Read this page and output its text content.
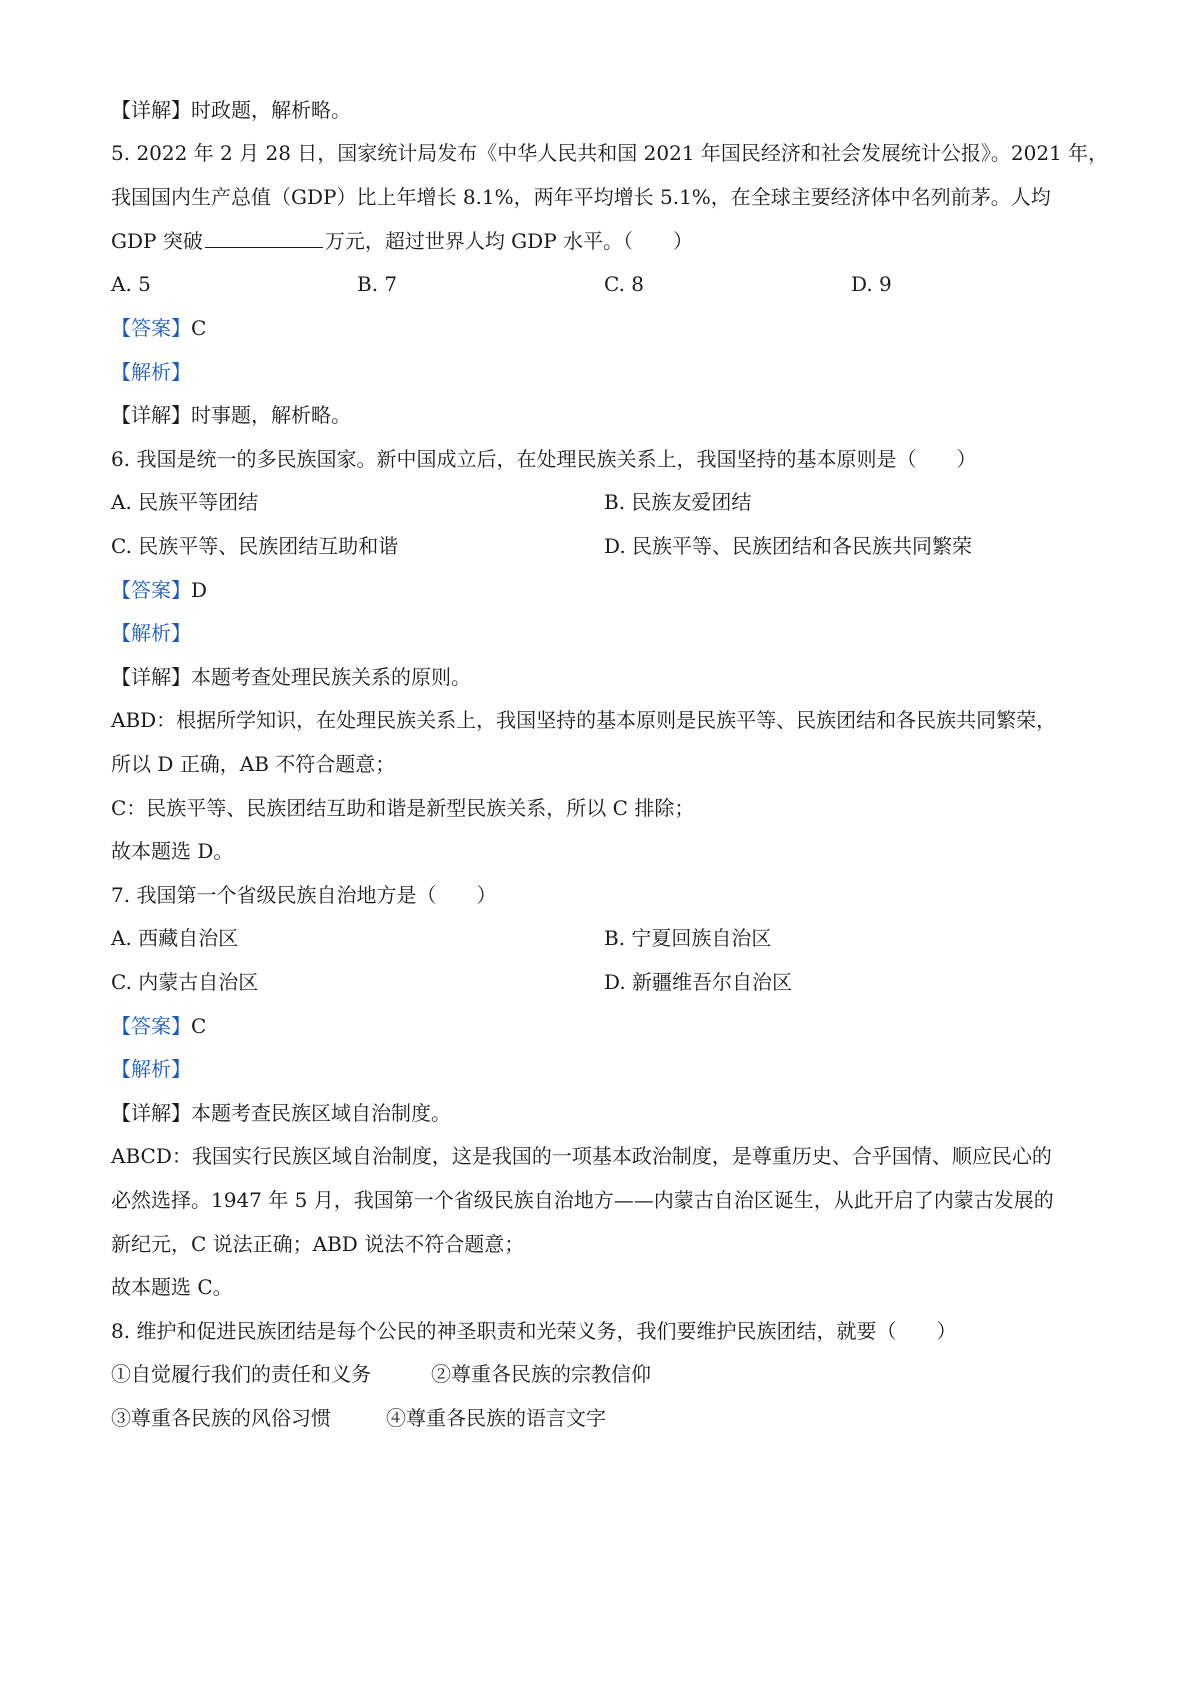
【详解】时政题，解析略。
5. 2022 年 2 月 28 日，国家统计局发布《中华人民共和国 2021 年国民经济和社会发展统计公报》。2021 年，
我国国内生产总值（GDP）比上年增长 8.1%，两年平均增长 5.1%，在全球主要经济体中名列前茅。人均
GDP 突破	万元，超过世界人均 GDP 水平。（　　）
A. 5	B. 7	C. 8	D. 9
【答案】C
【解析】
【详解】时事题，解析略。
6. 我国是统一的多民族国家。新中国成立后，在处理民族关系上，我国坚持的基本原则是（　　）
A. 民族平等团结	B. 民族友爱团结
C. 民族平等、民族团结互助和谐	D. 民族平等、民族团结和各民族共同繁荣
【答案】D
【解析】
【详解】本题考查处理民族关系的原则。
ABD：根据所学知识，在处理民族关系上，我国坚持的基本原则是民族平等、民族团结和各民族共同繁荣，
所以 D 正确，AB 不符合题意；
C：民族平等、民族团结互助和谐是新型民族关系，所以 C 排除；
故本题选 D。
7. 我国第一个省级民族自治地方是（　　）
A. 西藏自治区	B. 宁夏回族自治区
C. 内蒙古自治区	D. 新疆维吾尔自治区
【答案】C
【解析】
【详解】本题考查民族区域自治制度。
ABCD：我国实行民族区域自治制度，这是我国的一项基本政治制度，是尊重历史、合乎国情、顺应民心的
必然选择。1947 年 5 月，我国第一个省级民族自治地方——内蒙古自治区诞生，从此开启了内蒙古发展的
新纪元，C 说法正确；ABD 说法不符合题意；
故本题选 C。
8. 维护和促进民族团结是每个公民的神圣职责和光荣义务，我们要维护民族团结，就要（　　）
①自觉履行我们的责任和义务	②尊重各民族的宗教信仰
③尊重各民族的风俗习惯	④尊重各民族的语言文字
